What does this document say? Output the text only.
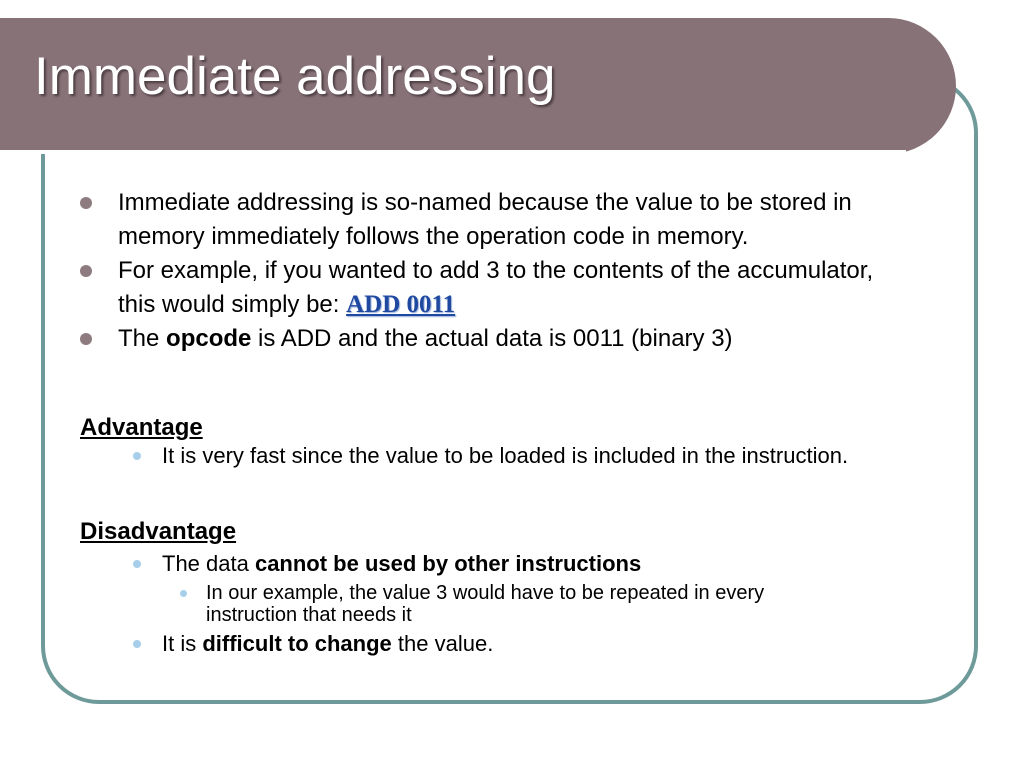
Immediate addressing
Immediate addressing is so-named because the value to be stored in memory immediately follows the operation code in memory.
For example, if you wanted to add 3 to the contents of the accumulator, this would simply be: ADD 0011
The opcode is ADD and the actual data is 0011 (binary 3)

Advantage

It is very fast since the value to be loaded is included in the instruction.

Disadvantage

The data cannot be used by other instructions
In our example, the value 3 would have to be repeated in every instruction that needs it
It is difficult to change the value.
